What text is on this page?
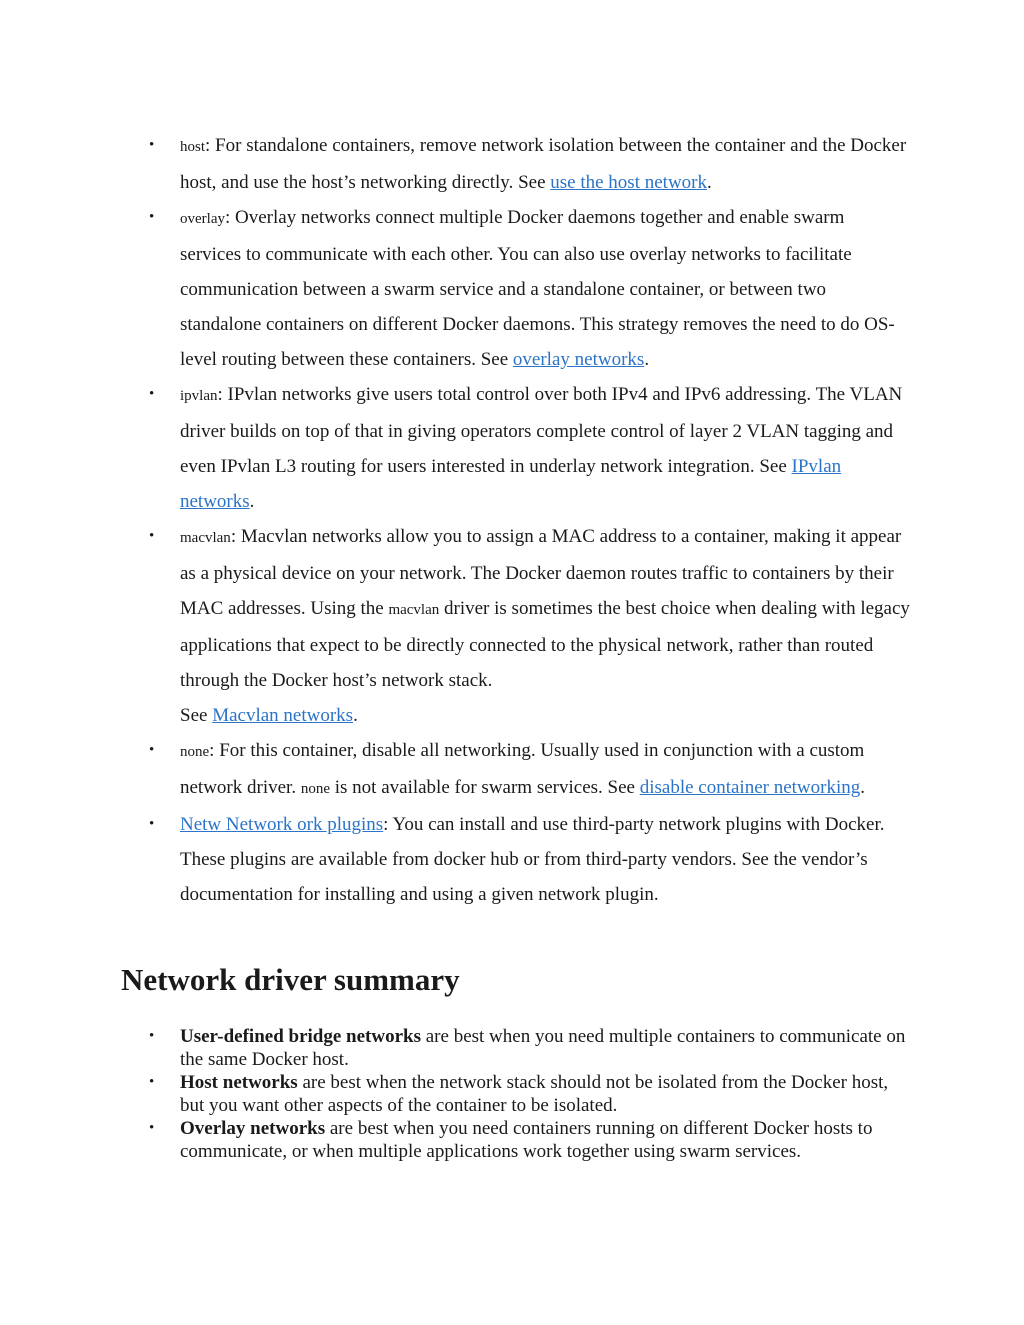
• host: For standalone containers, remove network isolation between the container and the Docker host, and use the host’s networking directly. See use the host network.
• overlay: Overlay networks connect multiple Docker daemons together and enable swarm services to communicate with each other. You can also use overlay networks to facilitate communication between a swarm service and a standalone container, or between two standalone containers on different Docker daemons. This strategy removes the need to do OS-level routing between these containers. See overlay networks.
• ipvlan: IPvlan networks give users total control over both IPv4 and IPv6 addressing. The VLAN driver builds on top of that in giving operators complete control of layer 2 VLAN tagging and even IPvlan L3 routing for users interested in underlay network integration. See IPvlan networks.
• macvlan: Macvlan networks allow you to assign a MAC address to a container, making it appear as a physical device on your network. The Docker daemon routes traffic to containers by their MAC addresses. Using the macvlan driver is sometimes the best choice when dealing with legacy applications that expect to be directly connected to the physical network, rather than routed through the Docker host’s network stack.
See Macvlan networks.
• none: For this container, disable all networking. Usually used in conjunction with a custom network driver. none is not available for swarm services. See disable container networking.
• Netw Network ork plugins: You can install and use third-party network plugins with Docker. These plugins are available from docker hub or from third-party vendors. See the vendor’s documentation for installing and using a given network plugin.
Network driver summary
• User-defined bridge networks are best when you need multiple containers to communicate on the same Docker host.
• Host networks are best when the network stack should not be isolated from the Docker host, but you want other aspects of the container to be isolated.
• Overlay networks are best when you need containers running on different Docker hosts to communicate, or when multiple applications work together using swarm services.
